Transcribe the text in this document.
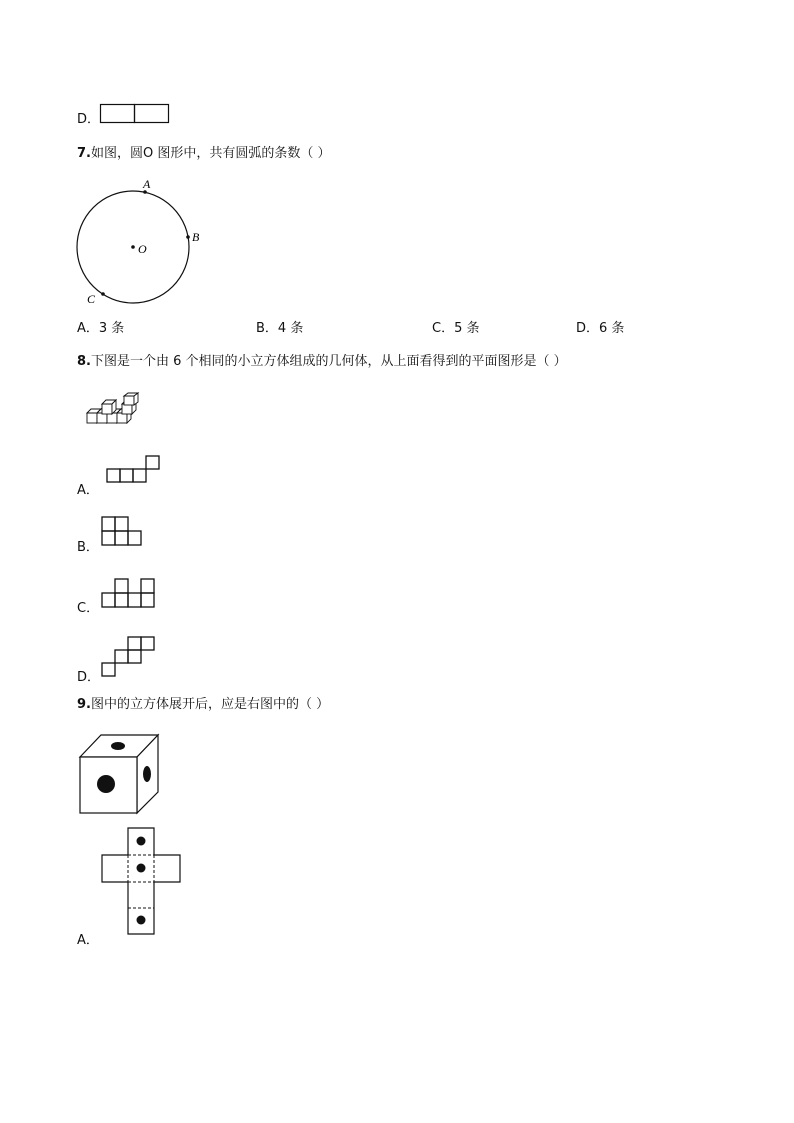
D．
7.如图，圆O 图形中，共有圆弧的条数（ ）
A
B
C
O
A．3 条	B．4 条	C．5 条	D．6 条
8.下图是一个由 6 个相同的小立方体组成的几何体，从上面看得到的平面图形是（ ）
A．
B．
C．
D．
9.图中的立方体展开后，应是右图中的（ ）
A．
